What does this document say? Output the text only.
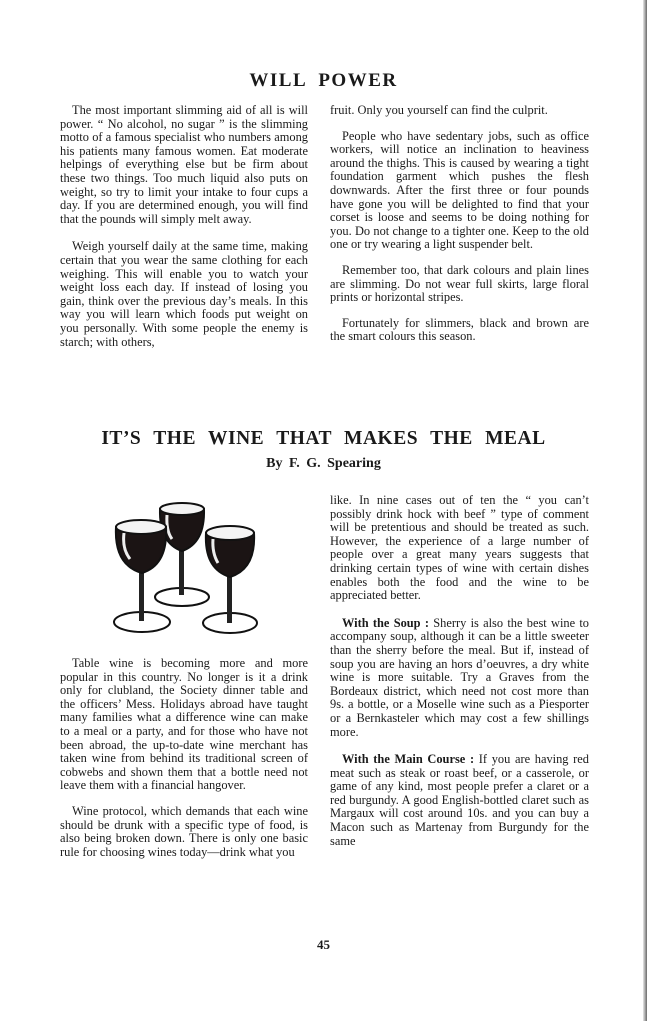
WILL POWER

The most important slimming aid of all is will power. “ No alcohol, no sugar ” is the slimming motto of a famous specialist who numbers among his patients many famous women. Eat moderate helpings of everything else but be firm about these two things. Too much liquid also puts on weight, so try to limit your intake to four cups a day. If you are determined enough, you will find that the pounds will simply melt away.

Weigh yourself daily at the same time, making certain that you wear the same clothing for each weighing. This will enable you to watch your weight loss each day. If instead of losing you gain, think over the previous day’s meals. In this way you will learn which foods put weight on you personally. With some people the enemy is starch; with others,

fruit. Only you yourself can find the culprit.

People who have sedentary jobs, such as office workers, will notice an inclination to heaviness around the thighs. This is caused by wearing a tight foundation garment which pushes the flesh downwards. After the first three or four pounds have gone you will be delighted to find that your corset is loose and seems to be doing nothing for you. Do not change to a tighter one. Keep to the old one or try wearing a light suspender belt.

Remember too, that dark colours and plain lines are slimming. Do not wear full skirts, large floral prints or horizontal stripes.

Fortunately for slimmers, black and brown are the smart colours this season.

IT’S THE WINE THAT MAKES THE MEAL
By F. G. Spearing

Table wine is becoming more and more popular in this country. No longer is it a drink only for clubland, the Society dinner table and the officers’ Mess. Holidays abroad have taught many families what a difference wine can make to a meal or a party, and for those who have not been abroad, the up-to-date wine merchant has taken wine from behind its traditional screen of cobwebs and shown them that a bottle need not leave them with a financial hangover.

Wine protocol, which demands that each wine should be drunk with a specific type of food, is also being broken down. There is only one basic rule for choosing wines today—drink what you

like. In nine cases out of ten the “ you can’t possibly drink hock with beef ” type of comment will be pretentious and should be treated as such. However, the experience of a large number of people over a great many years suggests that drinking certain types of wine with certain dishes enables both the food and the wine to be appreciated better.

With the Soup : Sherry is also the best wine to accompany soup, although it can be a little sweeter than the sherry before the meal. But if, instead of soup you are having an hors d’oeuvres, a dry white wine is more suitable. Try a Graves from the Bordeaux district, which need not cost more than 9s. a bottle, or a Moselle wine such as a Piesporter or a Bernkasteler which may cost a few shillings more.

With the Main Course : If you are having red meat such as steak or roast beef, or a casserole, or game of any kind, most people prefer a claret or a red burgundy. A good English-bottled claret such as Margaux will cost around 10s. and you can buy a Macon such as Martenay from Burgundy for the same

45
